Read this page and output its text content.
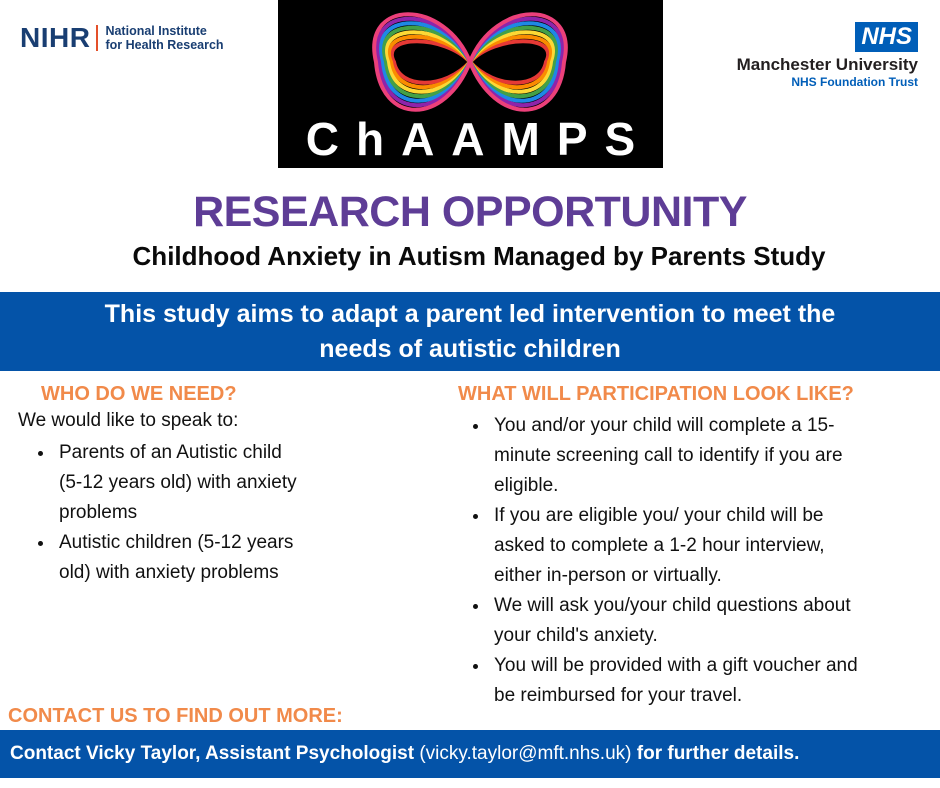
NIHR National Institute
for Health Research
ChAAMPS
NHS
Manchester University
NHS Foundation Trust
RESEARCH OPPORTUNITY
Childhood Anxiety in Autism Managed by Parents Study
This study aims to adapt a parent led intervention to meet the
needs of autistic children
WHO DO WE NEED?
We would like to speak to:
• Parents of an Autistic child
(5-12 years old) with anxiety
problems
• Autistic children (5-12 years
old) with anxiety problems
WHAT WILL PARTICIPATION LOOK LIKE?
• You and/or your child will complete a 15-
minute screening call to identify if you are
eligible.
• If you are eligible you/ your child will be
asked to complete a 1-2 hour interview,
either in-person or virtually.
• We will ask you/your child questions about
your child's anxiety.
• You will be provided with a gift voucher and
be reimbursed for your travel.
CONTACT US TO FIND OUT MORE:
Contact Vicky Taylor, Assistant Psychologist
(vicky.taylor@mft.nhs.uk)
for further details.
